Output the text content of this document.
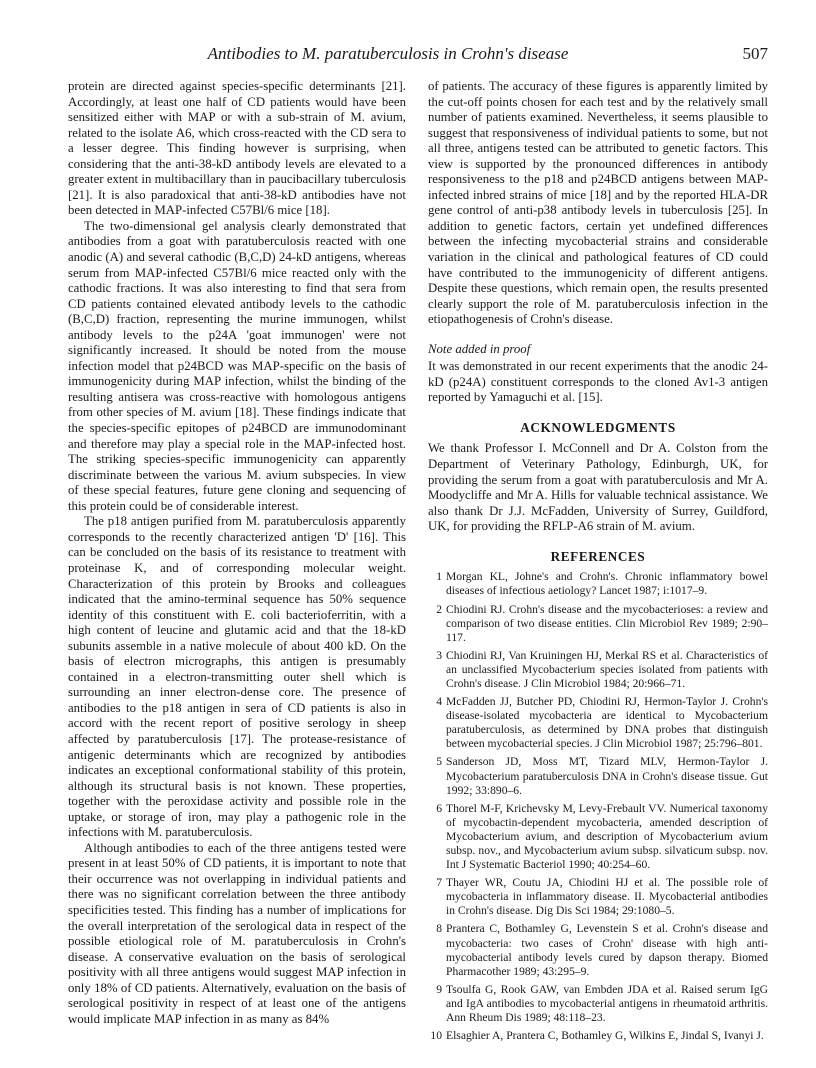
Antibodies to M. paratuberculosis in Crohn's disease	507

protein are directed against species-specific determinants [21]. Accordingly, at least one half of CD patients would have been sensitized either with MAP or with a sub-strain of M. avium, related to the isolate A6, which cross-reacted with the CD sera to a lesser degree. This finding however is surprising, when considering that the anti-38-kD antibody levels are elevated to a greater extent in multibacillary than in paucibacillary tuberculosis [21]. It is also paradoxical that anti-38-kD antibodies have not been detected in MAP-infected C57Bl/6 mice [18].

The two-dimensional gel analysis clearly demonstrated that antibodies from a goat with paratuberculosis reacted with one anodic (A) and several cathodic (B,C,D) 24-kD antigens, whereas serum from MAP-infected C57Bl/6 mice reacted only with the cathodic fractions. It was also interesting to find that sera from CD patients contained elevated antibody levels to the cathodic (B,C,D) fraction, representing the murine immunogen, whilst antibody levels to the p24A 'goat immunogen' were not significantly increased. It should be noted from the mouse infection model that p24BCD was MAP-specific on the basis of immunogenicity during MAP infection, whilst the binding of the resulting antisera was cross-reactive with homologous antigens from other species of M. avium [18]. These findings indicate that the species-specific epitopes of p24BCD are immunodominant and therefore may play a special role in the MAP-infected host. The striking species-specific immunogenicity can apparently discriminate between the various M. avium subspecies. In view of these special features, future gene cloning and sequencing of this protein could be of considerable interest.

The p18 antigen purified from M. paratuberculosis apparently corresponds to the recently characterized antigen 'D' [16]. This can be concluded on the basis of its resistance to treatment with proteinase K, and of corresponding molecular weight. Characterization of this protein by Brooks and colleagues indicated that the amino-terminal sequence has 50% sequence identity of this constituent with E. coli bacterioferritin, with a high content of leucine and glutamic acid and that the 18-kD subunits assemble in a native molecule of about 400 kD. On the basis of electron micrographs, this antigen is presumably contained in a electron-transmitting outer shell which is surrounding an inner electron-dense core. The presence of antibodies to the p18 antigen in sera of CD patients is also in accord with the recent report of positive serology in sheep affected by paratuberculosis [17]. The protease-resistance of antigenic determinants which are recognized by antibodies indicates an exceptional conformational stability of this protein, although its structural basis is not known. These properties, together with the peroxidase activity and possible role in the uptake, or storage of iron, may play a pathogenic role in the infections with M. paratuberculosis.

Although antibodies to each of the three antigens tested were present in at least 50% of CD patients, it is important to note that their occurrence was not overlapping in individual patients and there was no significant correlation between the three antibody specificities tested. This finding has a number of implications for the overall interpretation of the serological data in respect of the possible etiological role of M. paratuberculosis in Crohn's disease. A conservative evaluation on the basis of serological positivity with all three antigens would suggest MAP infection in only 18% of CD patients. Alternatively, evaluation on the basis of serological positivity in respect of at least one of the antigens would implicate MAP infection in as many as 84%

of patients. The accuracy of these figures is apparently limited by the cut-off points chosen for each test and by the relatively small number of patients examined. Nevertheless, it seems plausible to suggest that responsiveness of individual patients to some, but not all three, antigens tested can be attributed to genetic factors. This view is supported by the pronounced differences in antibody responsiveness to the p18 and p24BCD antigens between MAP-infected inbred strains of mice [18] and by the reported HLA-DR gene control of anti-p38 antibody levels in tuberculosis [25]. In addition to genetic factors, certain yet undefined differences between the infecting mycobacterial strains and considerable variation in the clinical and pathological features of CD could have contributed to the immunogenicity of different antigens. Despite these questions, which remain open, the results presented clearly support the role of M. paratuberculosis infection in the etiopathogenesis of Crohn's disease.

Note added in proof

It was demonstrated in our recent experiments that the anodic 24-kD (p24A) constituent corresponds to the cloned Av1-3 antigen reported by Yamaguchi et al. [15].

ACKNOWLEDGMENTS

We thank Professor I. McConnell and Dr A. Colston from the Department of Veterinary Pathology, Edinburgh, UK, for providing the serum from a goat with paratuberculosis and Mr A. Moodycliffe and Mr A. Hills for valuable technical assistance. We also thank Dr J.J. McFadden, University of Surrey, Guildford, UK, for providing the RFLP-A6 strain of M. avium.

REFERENCES

1 Morgan KL, Johne's and Crohn's. Chronic inflammatory bowel diseases of infectious aetiology? Lancet 1987; i:1017–9.
2 Chiodini RJ. Crohn's disease and the mycobacterioses: a review and comparison of two disease entities. Clin Microbiol Rev 1989; 2:90–117.
3 Chiodini RJ, Van Kruiningen HJ, Merkal RS et al. Characteristics of an unclassified Mycobacterium species isolated from patients with Crohn's disease. J Clin Microbiol 1984; 20:966–71.
4 McFadden JJ, Butcher PD, Chiodini RJ, Hermon-Taylor J. Crohn's disease-isolated mycobacteria are identical to Mycobacterium paratuberculosis, as determined by DNA probes that distinguish between mycobacterial species. J Clin Microbiol 1987; 25:796–801.
5 Sanderson JD, Moss MT, Tizard MLV, Hermon-Taylor J. Mycobacterium paratuberculosis DNA in Crohn's disease tissue. Gut 1992; 33:890–6.
6 Thorel M-F, Krichevsky M, Levy-Frebault VV. Numerical taxonomy of mycobactin-dependent mycobacteria, amended description of Mycobacterium avium, and description of Mycobacterium avium subsp. nov., and Mycobacterium avium subsp. silvaticum subsp. nov. Int J Systematic Bacteriol 1990; 40:254–60.
7 Thayer WR, Coutu JA, Chiodini HJ et al. The possible role of mycobacteria in inflammatory disease. II. Mycobacterial antibodies in Crohn's disease. Dig Dis Sci 1984; 29:1080–5.
8 Prantera C, Bothamley G, Levenstein S et al. Crohn's disease and mycobacteria: two cases of Crohn' disease with high anti-mycobacterial antibody levels cured by dapson therapy. Biomed Pharmacother 1989; 43:295–9.
9 Tsoulfa G, Rook GAW, van Embden JDA et al. Raised serum IgG and IgA antibodies to mycobacterial antigens in rheumatoid arthritis. Ann Rheum Dis 1989; 48:118–23.
10 Elsaghier A, Prantera C, Bothamley G, Wilkins E, Jindal S, Ivanyi J.
